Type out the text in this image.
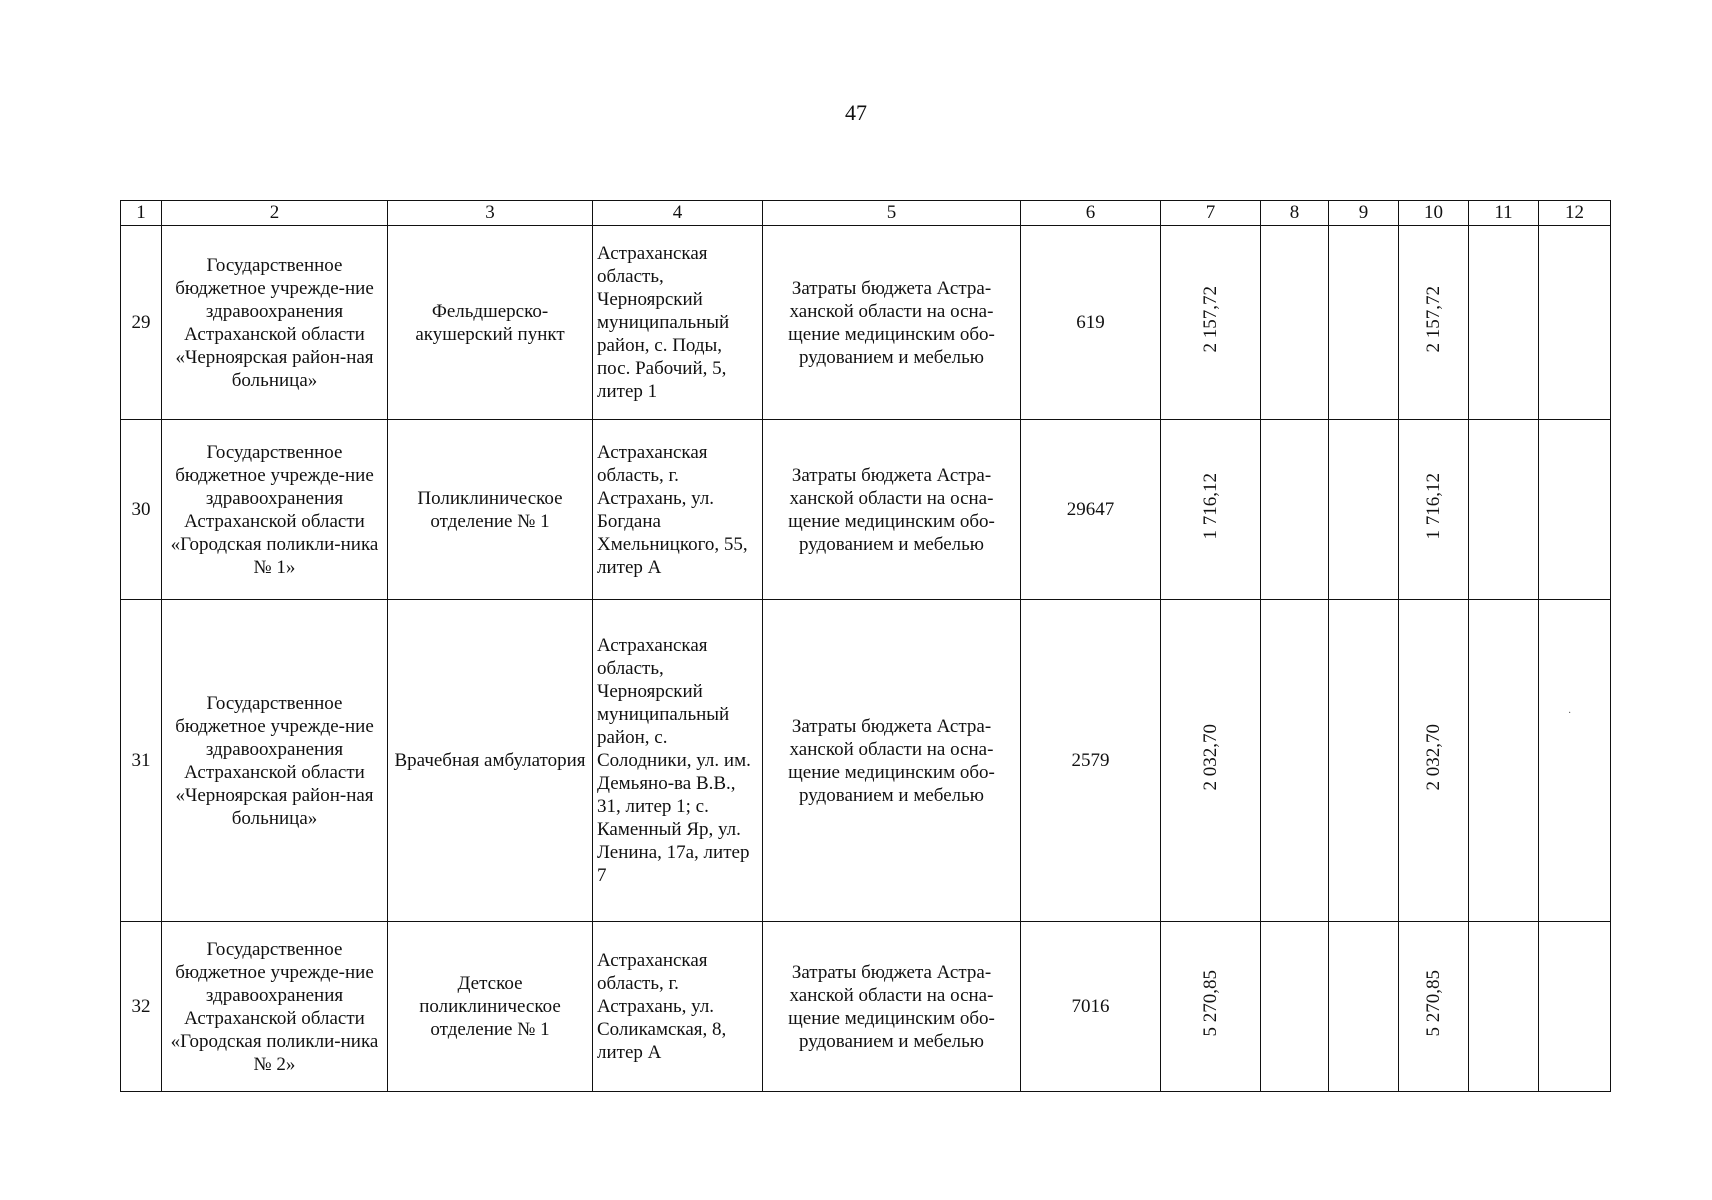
47
1	2	3	4	5	6	7	8	9	10	11	12
29	Государственное бюджетное учрежде-ние здравоохранения Астраханской области «Черноярская район-ная больница»	Фельдшерско-акушерский пункт	Астраханская область, Черноярский муниципальный район, с. Поды, пос. Рабочий, 5, литер 1	Затраты бюджета Астра-ханской области на осна-щение медицинским обо-рудованием и мебелью	619	2 157,72			2 157,72		
30	Государственное бюджетное учрежде-ние здравоохранения Астраханской области «Городская поликли-ника № 1»	Поликлиническое отделение № 1	Астраханская область, г. Астрахань, ул. Богдана Хмельницкого, 55, литер А	Затраты бюджета Астра-ханской области на осна-щение медицинским обо-рудованием и мебелью	29647	1 716,12			1 716,12		
31	Государственное бюджетное учрежде-ние здравоохранения Астраханской области «Черноярская район-ная больница»	Врачебная амбулатория	Астраханская область, Черноярский муниципальный район, с. Солодники, ул. им. Демьяно-ва В.В., 31, литер 1; с. Каменный Яр, ул. Ленина, 17а, литер 7	Затраты бюджета Астра-ханской области на осна-щение медицинским обо-рудованием и мебелью	2579	2 032,70			2 032,70		
32	Государственное бюджетное учрежде-ние здравоохранения Астраханской области «Городская поликли-ника № 2»	Детское поликлиническое отделение № 1	Астраханская область, г. Астрахань, ул. Соликамская, 8, литер А	Затраты бюджета Астра-ханской области на осна-щение медицинским обо-рудованием и мебелью	7016	5 270,85			5 270,85		
·
